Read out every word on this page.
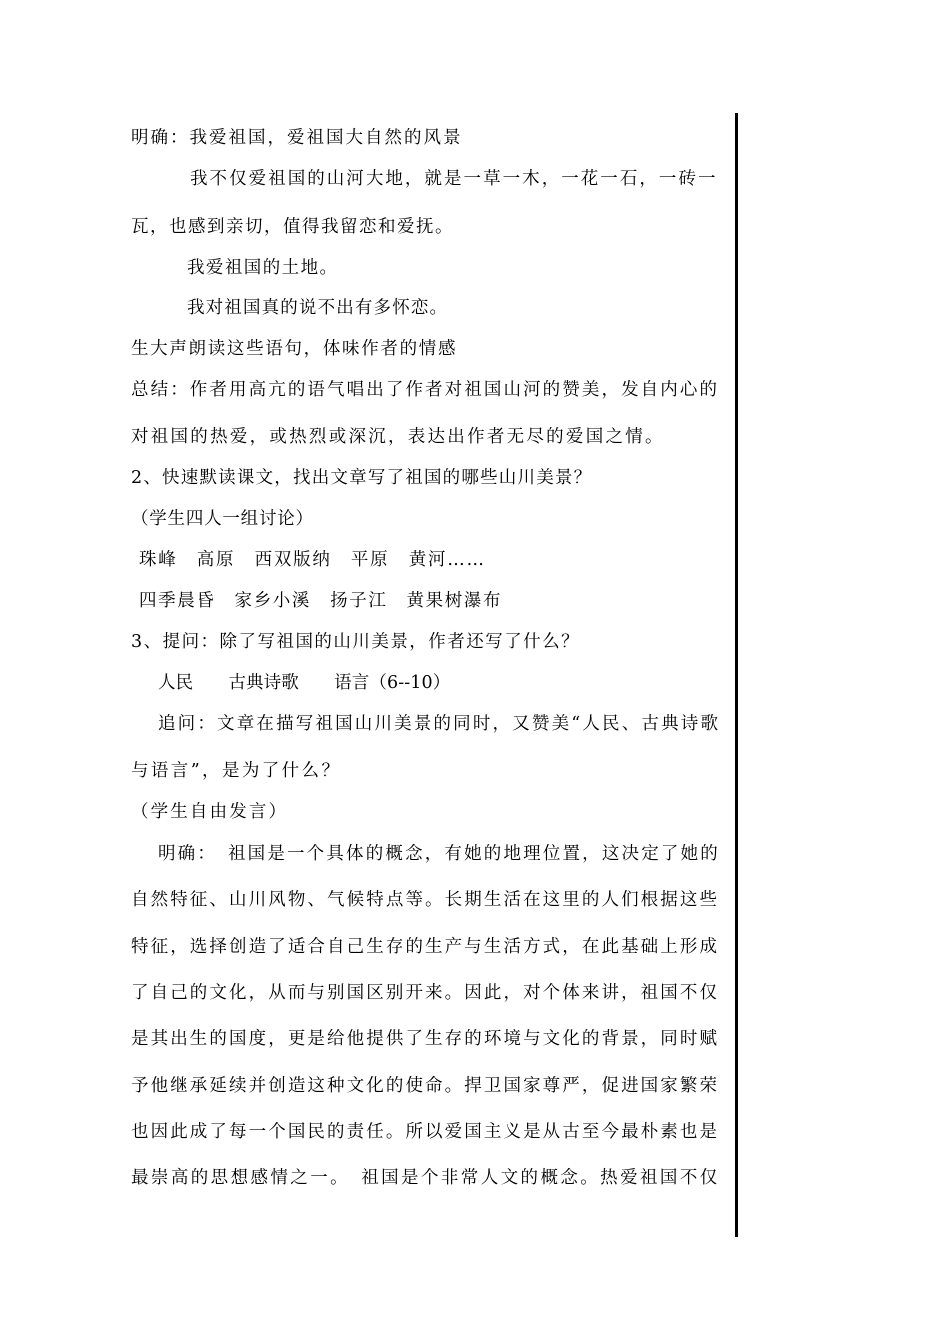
明确：我爱祖国，爱祖国大自然的风景
我不仅爱祖国的山河大地，就是一草一木，一花一石，一砖一
瓦，也感到亲切，值得我留恋和爱抚。
我爱祖国的土地。
我对祖国真的说不出有多怀恋。
生大声朗读这些语句，体味作者的情感
总结：作者用高亢的语气唱出了作者对祖国山河的赞美，发自内心的
对祖国的热爱，或热烈或深沉，表达出作者无尽的爱国之情。
2、快速默读课文，找出文章写了祖国的哪些山川美景？
（学生四人一组讨论）
珠峰　高原　西双版纳　平原　黄河……
四季晨昏　家乡小溪　扬子江　黄果树瀑布
3、提问：除了写祖国的山川美景，作者还写了什么？
人民　　古典诗歌　　语言（6--10）
追问：文章在描写祖国山川美景的同时，又赞美“人民、古典诗歌
与语言”，是为了什么？
（学生自由发言）
明确：　祖国是一个具体的概念，有她的地理位置，这决定了她的
自然特征、山川风物、气候特点等。长期生活在这里的人们根据这些
特征，选择创造了适合自己生存的生产与生活方式，在此基础上形成
了自己的文化，从而与别国区别开来。因此，对个体来讲，祖国不仅
是其出生的国度，更是给他提供了生存的环境与文化的背景，同时赋
予他继承延续并创造这种文化的使命。捍卫国家尊严，促进国家繁荣
也因此成了每一个国民的责任。所以爱国主义是从古至今最朴素也是
最崇高的思想感情之一。　祖国是个非常人文的概念。热爱祖国不仅
